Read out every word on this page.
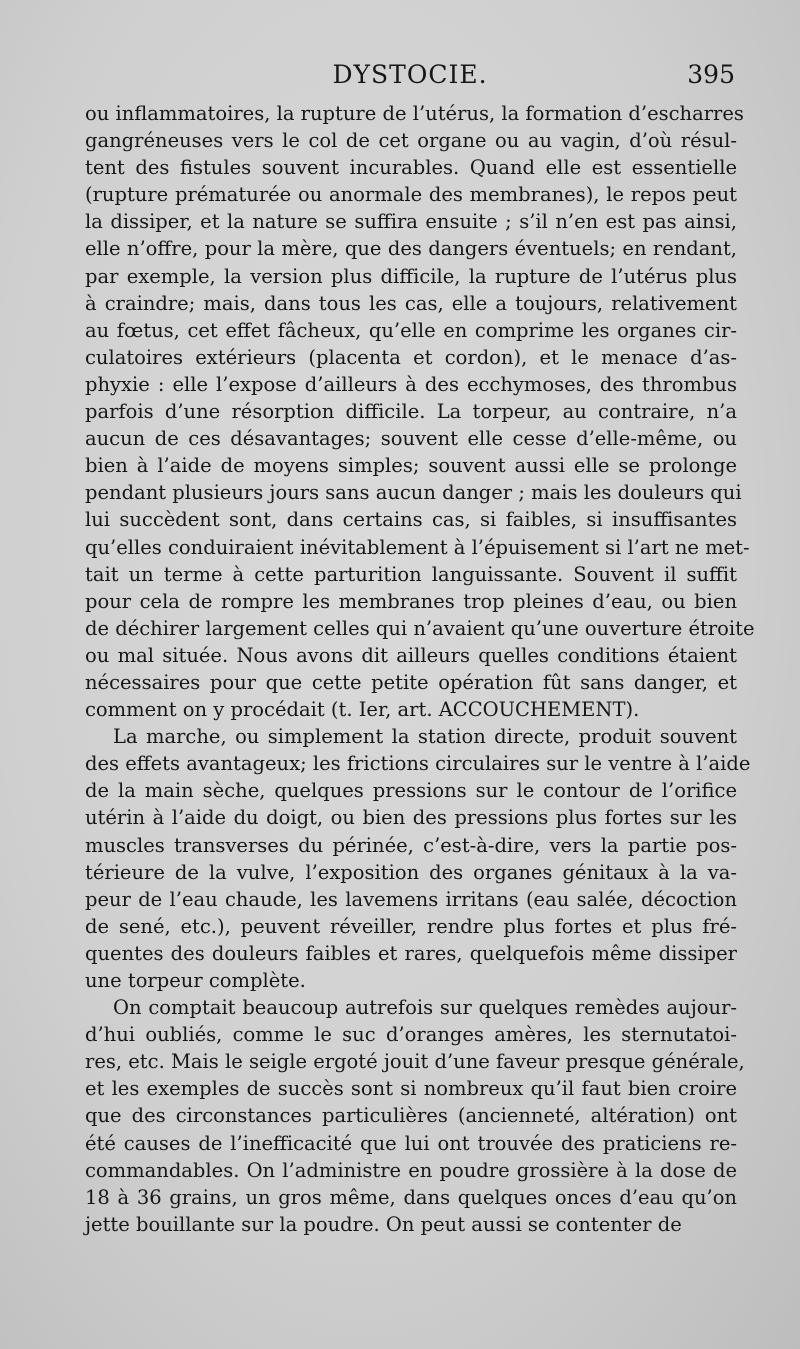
DYSTOCIE.	395
ou inflammatoires, la rupture de l’utérus, la formation d’escharres
gangréneuses vers le col de cet organe ou au vagin, d’où résul-
tent des fistules souvent incurables. Quand elle est essentielle
(rupture prématurée ou anormale des membranes), le repos peut
la dissiper, et la nature se suffira ensuite ; s’il n’en est pas ainsi,
elle n’offre, pour la mère, que des dangers éventuels; en rendant,
par exemple, la version plus difficile, la rupture de l’utérus plus
à craindre; mais, dans tous les cas, elle a toujours, relativement
au fœtus, cet effet fâcheux, qu’elle en comprime les organes cir-
culatoires extérieurs (placenta et cordon), et le menace d’as-
phyxie : elle l’expose d’ailleurs à des ecchymoses, des thrombus
parfois d’une résorption difficile. La torpeur, au contraire, n’a
aucun de ces désavantages; souvent elle cesse d’elle-même, ou
bien à l’aide de moyens simples; souvent aussi elle se prolonge
pendant plusieurs jours sans aucun danger ; mais les douleurs qui
lui succèdent sont, dans certains cas, si faibles, si insuffisantes
qu’elles conduiraient inévitablement à l’épuisement si l’art ne met-
tait un terme à cette parturition languissante. Souvent il suffit
pour cela de rompre les membranes trop pleines d’eau, ou bien
de déchirer largement celles qui n’avaient qu’une ouverture étroite
ou mal située. Nous avons dit ailleurs quelles conditions étaient
nécessaires pour que cette petite opération fût sans danger, et
comment on y procédait (t. Ier, art. ACCOUCHEMENT).
La marche, ou simplement la station directe, produit souvent
des effets avantageux; les frictions circulaires sur le ventre à l’aide
de la main sèche, quelques pressions sur le contour de l’orifice
utérin à l’aide du doigt, ou bien des pressions plus fortes sur les
muscles transverses du périnée, c’est-à-dire, vers la partie pos-
térieure de la vulve, l’exposition des organes génitaux à la va-
peur de l’eau chaude, les lavemens irritans (eau salée, décoction
de sené, etc.), peuvent réveiller, rendre plus fortes et plus fré-
quentes des douleurs faibles et rares, quelquefois même dissiper
une torpeur complète.
On comptait beaucoup autrefois sur quelques remèdes aujour-
d’hui oubliés, comme le suc d’oranges amères, les sternutatoi-
res, etc. Mais le seigle ergoté jouit d’une faveur presque générale,
et les exemples de succès sont si nombreux qu’il faut bien croire
que des circonstances particulières (ancienneté, altération) ont
été causes de l’inefficacité que lui ont trouvée des praticiens re-
commandables. On l’administre en poudre grossière à la dose de
18 à 36 grains, un gros même, dans quelques onces d’eau qu’on
jette bouillante sur la poudre. On peut aussi se contenter de
